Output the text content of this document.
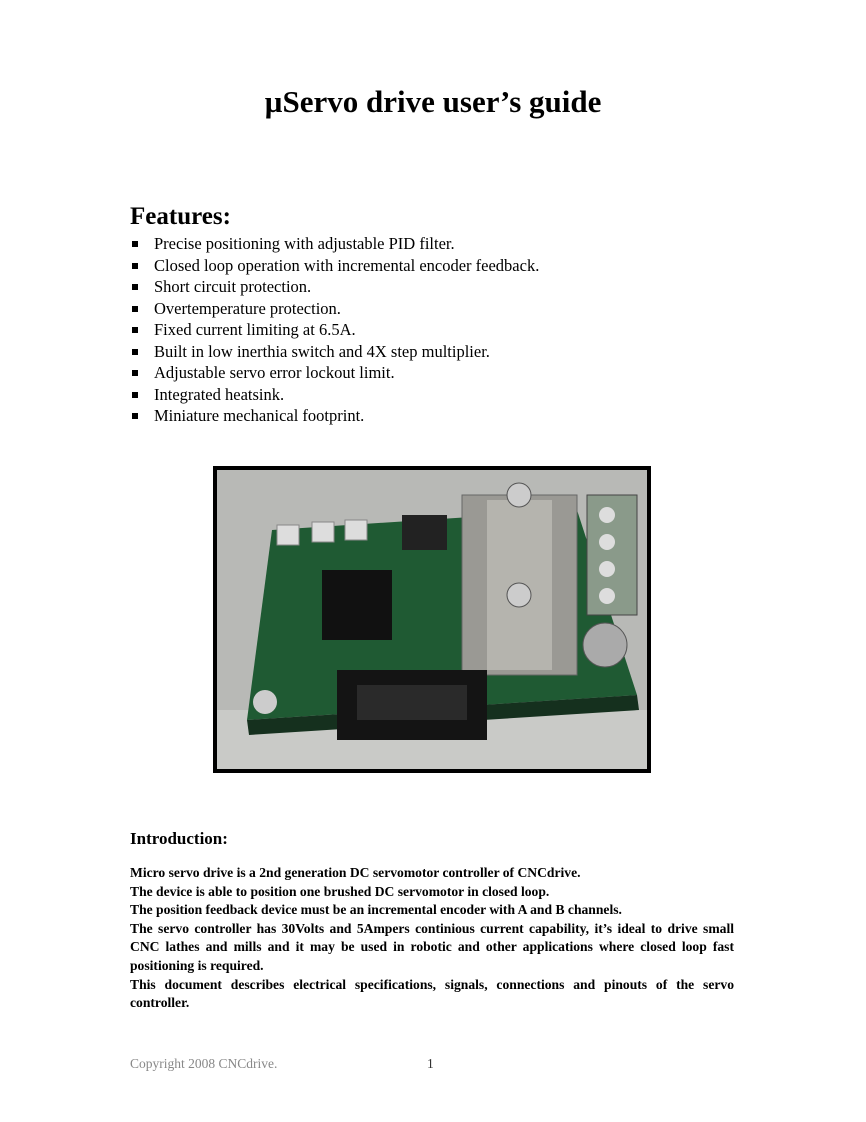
µServo drive user’s guide
Features:
Precise positioning with adjustable PID filter.
Closed loop operation with incremental encoder feedback.
Short circuit protection.
Overtemperature protection.
Fixed current limiting at 6.5A.
Built in low inerthia switch and 4X step multiplier.
Adjustable servo error lockout limit.
Integrated heatsink.
Miniature mechanical footprint.
Introduction:

Micro servo drive is a 2nd generation DC servomotor controller of CNCdrive.

The device is able to position one brushed DC servomotor in closed loop.

The position feedback device must be an incremental encoder with A and B channels.

The servo controller has 30Volts and 5Ampers continious current capability, it’s ideal to drive small CNC lathes and mills and it may be used in robotic and other applications where closed loop fast positioning is required.

This document describes electrical specifications, signals, connections and pinouts of the servo controller.

Copyright 2008 CNCdrive.	1
